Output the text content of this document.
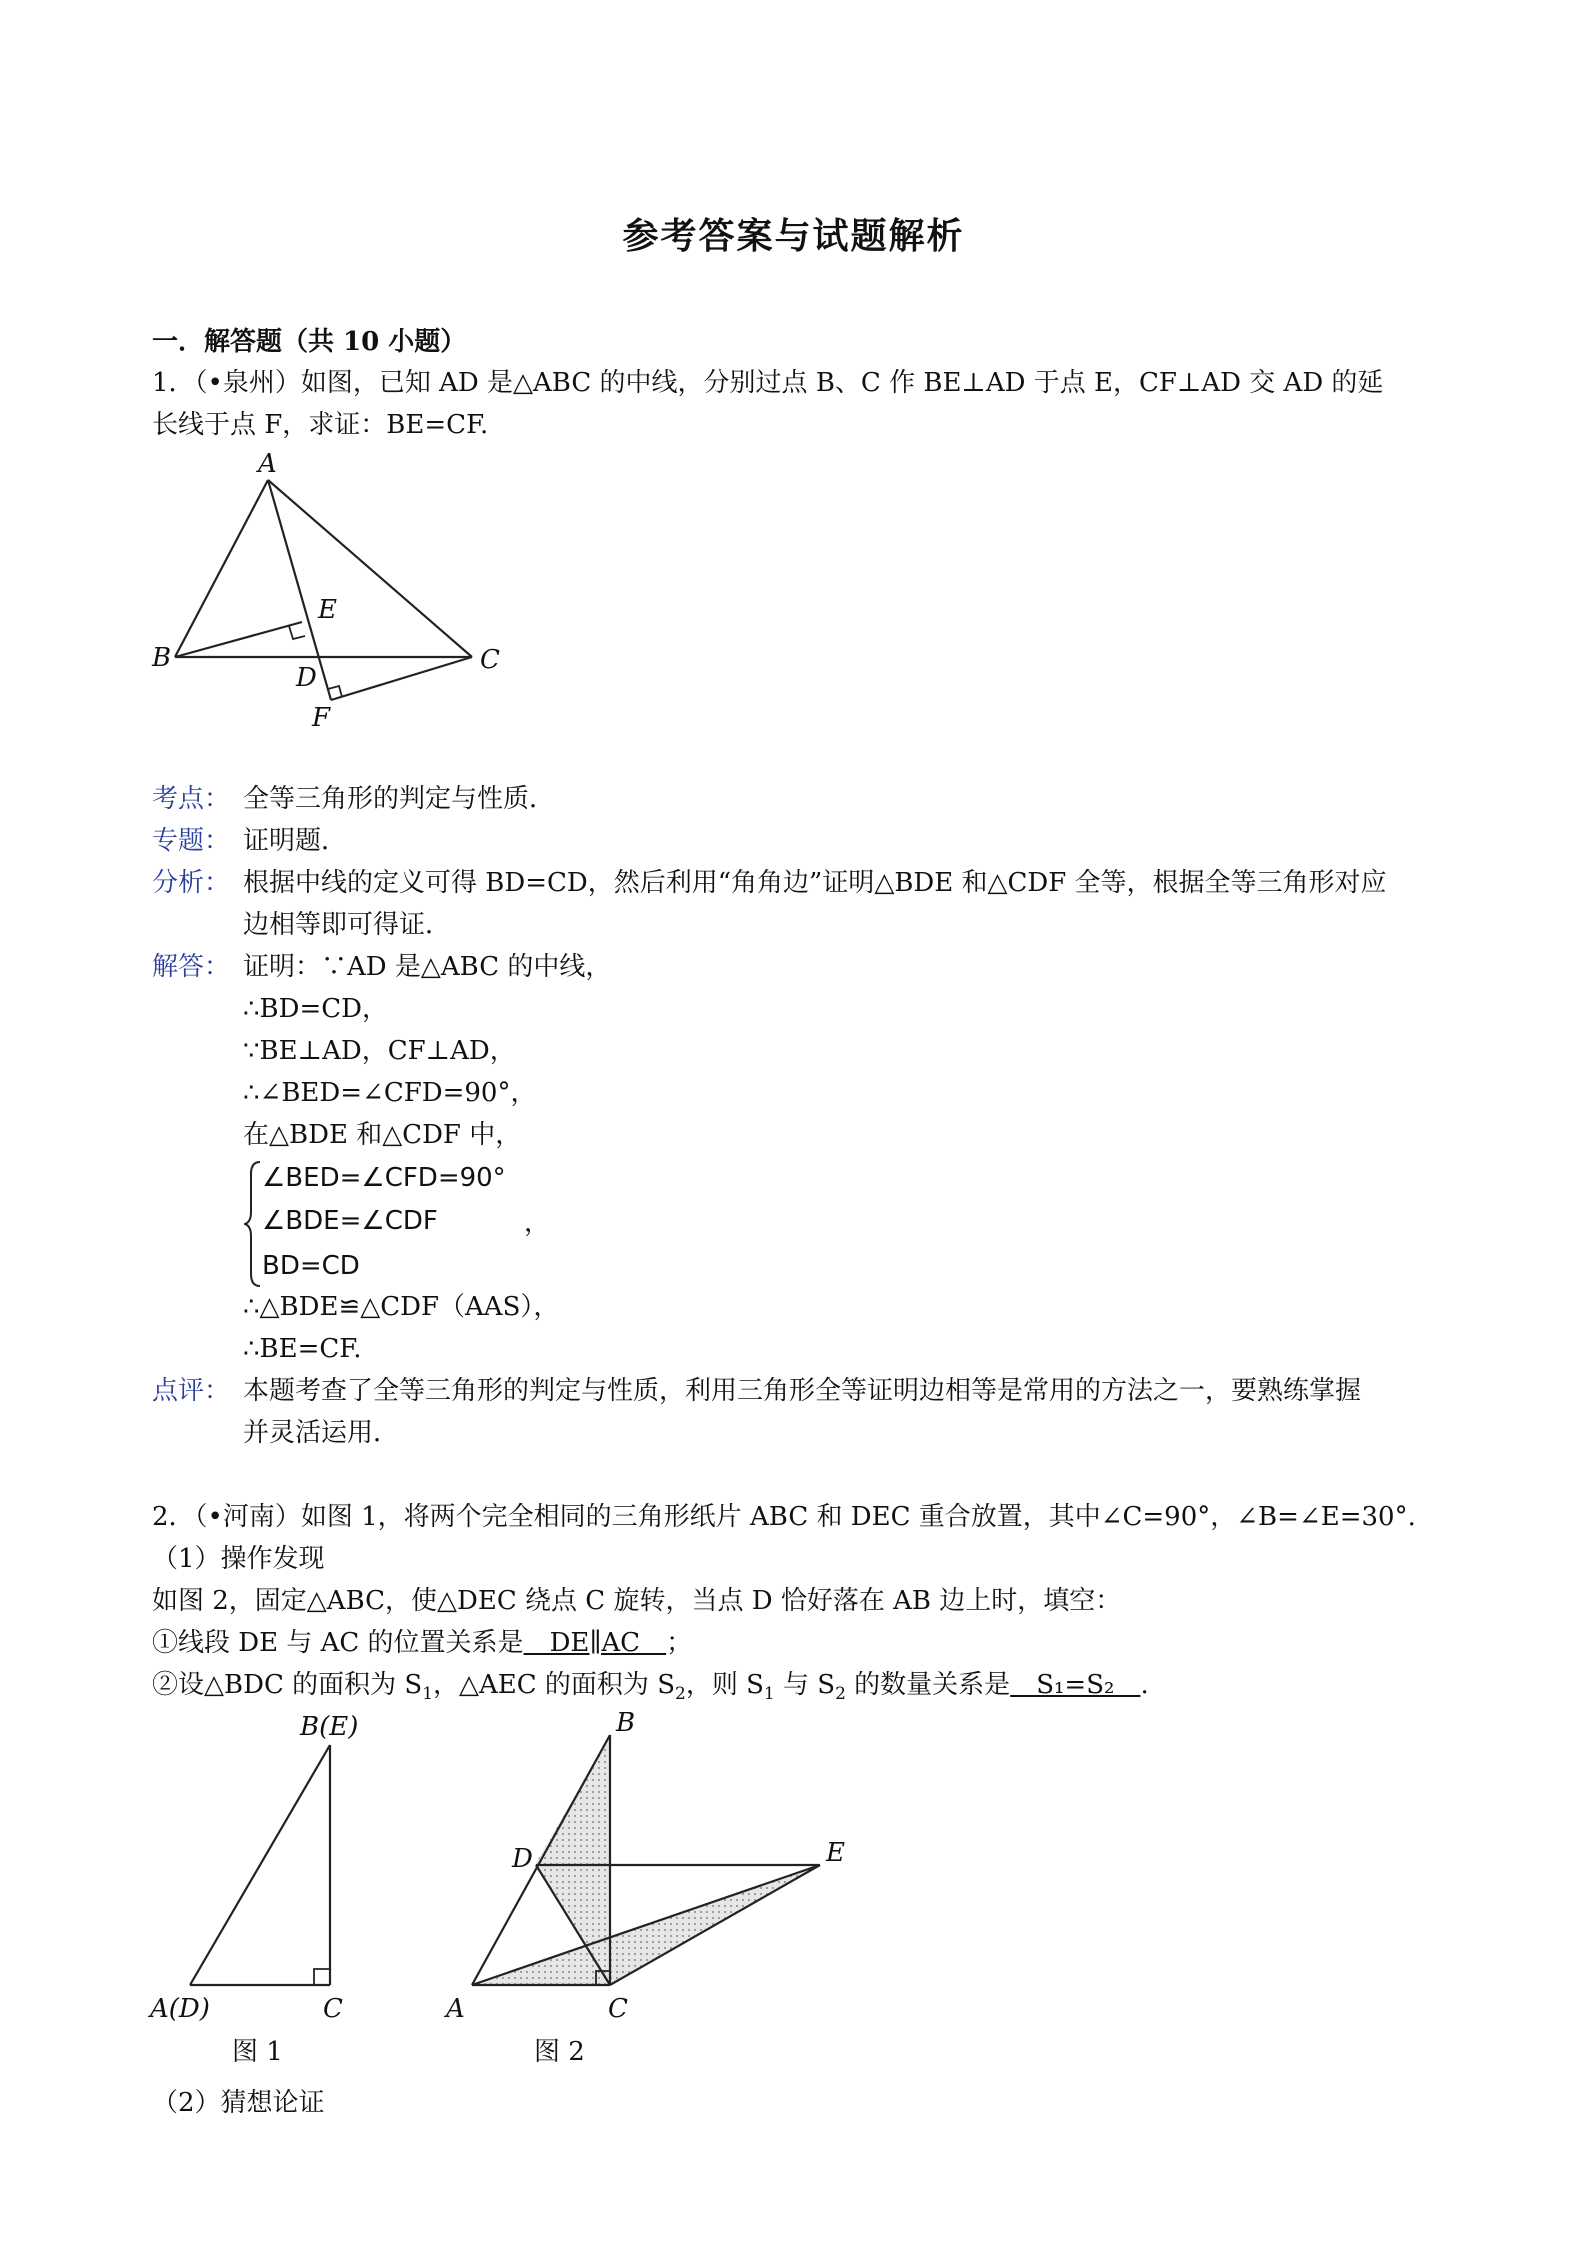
参考答案与试题解析
一．解答题（共 10 小题）
1．（•泉州）如图，已知 AD 是△ABC 的中线，分别过点 B、C 作 BE⊥AD 于点 E，CF⊥AD 交 AD 的延
长线于点 F，求证：BE=CF.
A
B	C
D
E
F
考点： 全等三角形的判定与性质．
专题： 证明题．
分析： 根据中线的定义可得 BD=CD，然后利用“角角边”证明△BDE 和△CDF 全等，根据全等三角形对应
边相等即可得证．
解答： 证明：∵AD 是△ABC 的中线，
∴BD=CD，
∵BE⊥AD，CF⊥AD，
∴∠BED=∠CFD=90°，
在△BDE 和△CDF 中，
∠BED=∠CFD=90°
∠BDE=∠CDF
BD=CD
，
∴△BDE≌△CDF（AAS），
∴BE=CF.
点评： 本题考查了全等三角形的判定与性质，利用三角形全等证明边相等是常用的方法之一，要熟练掌握
并灵活运用．
2．（•河南）如图 1，将两个完全相同的三角形纸片 ABC 和 DEC 重合放置，其中∠C=90°，∠B=∠E=30°.
（1）操作发现
如图 2，固定△ABC，使△DEC 绕点 C 旋转，当点 D 恰好落在 AB 边上时，填空：
①线段 DE 与 AC 的位置关系是　DE∥AC　；
②设△BDC 的面积为 $S_1$，△AEC 的面积为 $S_2$，则 $S_1$ 与 $S_2$ 的数量关系是　S₁=S₂　.
B(E)
A(D)	C
图 1
B
D	E
A	C
图 2
（2）猜想论证
